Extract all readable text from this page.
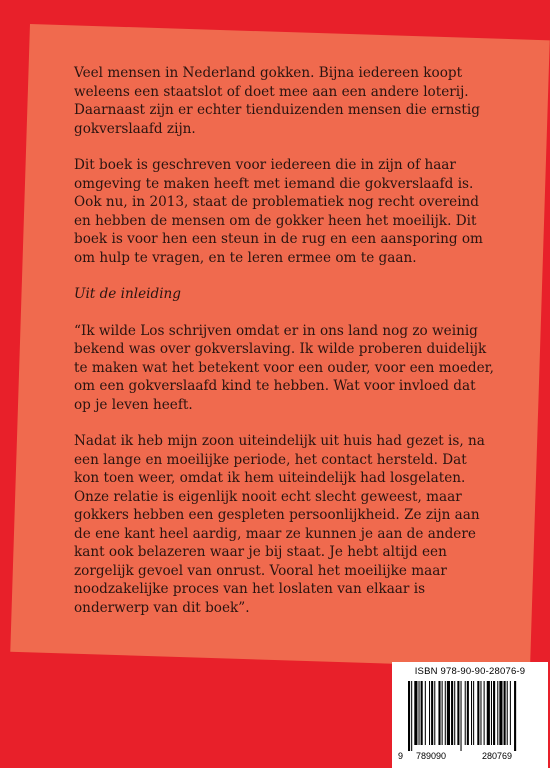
Veel mensen in Nederland gokken. Bijna iedereen koopt weleens een staatslot of doet mee aan een andere loterij. Daarnaast zijn er echter tienduizenden mensen die ernstig gokverslaafd zijn.

Dit boek is geschreven voor iedereen die in zijn of haar omgeving te maken heeft met iemand die gokverslaafd is. Ook nu, in 2013, staat de problematiek nog recht overeind en hebben de mensen om de gokker heen het moeilijk. Dit boek is voor hen een steun in de rug en een aansporing om om hulp te vragen, en te leren ermee om te gaan.

Uit de inleiding

“Ik wilde Los schrijven omdat er in ons land nog zo weinig bekend was over gokverslaving. Ik wilde proberen duidelijk te maken wat het betekent voor een ouder, voor een moeder, om een gokverslaafd kind te hebben. Wat voor invloed dat op je leven heeft.

Nadat ik heb mijn zoon uiteindelijk uit huis had gezet is, na een lange en moeilijke periode, het contact hersteld. Dat kon toen weer, omdat ik hem uiteindelijk had losgelaten. Onze relatie is eigenlijk nooit echt slecht geweest, maar gokkers hebben een gespleten persoonlijkheid. Ze zijn aan de ene kant heel aardig, maar ze kunnen je aan de andere kant ook belazeren waar je bij staat. Je hebt altijd een zorgelijk gevoel van onrust. Vooral het moeilijke maar noodzakelijke proces van het loslaten van elkaar is onderwerp van dit boek”.

ISBN 978-90-90-28076-9
9 789090	280769
